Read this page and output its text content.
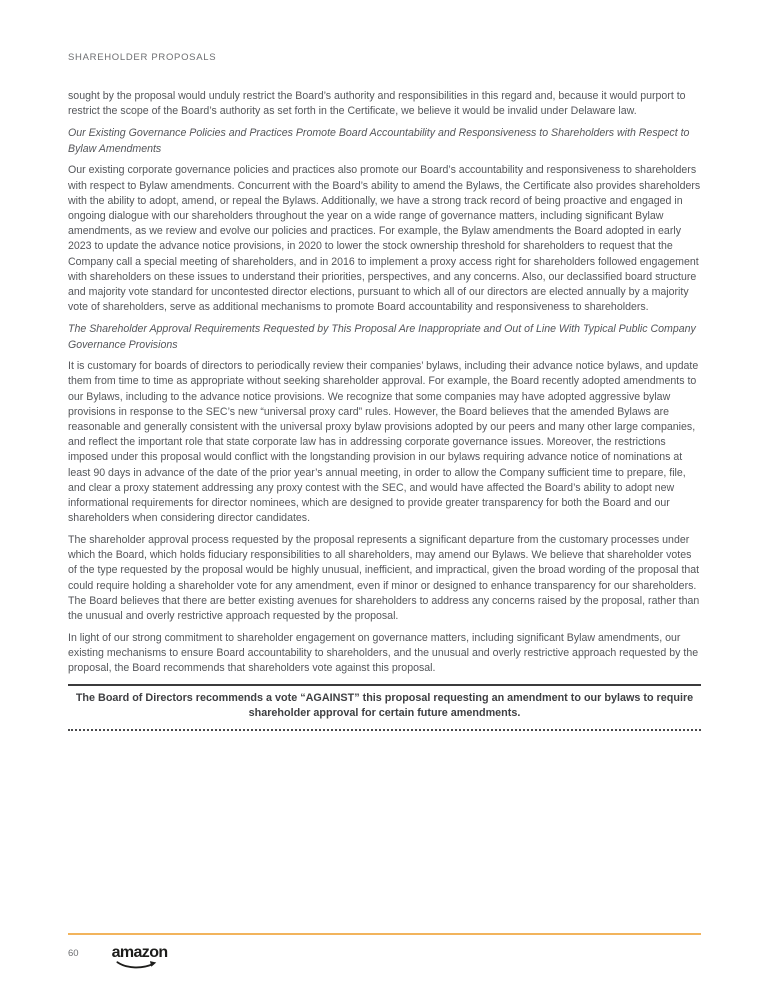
SHAREHOLDER PROPOSALS

sought by the proposal would unduly restrict the Board’s authority and responsibilities in this regard and, because it would purport to restrict the scope of the Board’s authority as set forth in the Certificate, we believe it would be invalid under Delaware law.

Our Existing Governance Policies and Practices Promote Board Accountability and Responsiveness to Shareholders with Respect to Bylaw Amendments

Our existing corporate governance policies and practices also promote our Board’s accountability and responsiveness to shareholders with respect to Bylaw amendments. Concurrent with the Board’s ability to amend the Bylaws, the Certificate also provides shareholders with the ability to adopt, amend, or repeal the Bylaws. Additionally, we have a strong track record of being proactive and engaged in ongoing dialogue with our shareholders throughout the year on a wide range of governance matters, including significant Bylaw amendments, as we review and evolve our policies and practices. For example, the Bylaw amendments the Board adopted in early 2023 to update the advance notice provisions, in 2020 to lower the stock ownership threshold for shareholders to request that the Company call a special meeting of shareholders, and in 2016 to implement a proxy access right for shareholders followed engagement with shareholders on these issues to understand their priorities, perspectives, and any concerns. Also, our declassified board structure and majority vote standard for uncontested director elections, pursuant to which all of our directors are elected annually by a majority vote of shareholders, serve as additional mechanisms to promote Board accountability and responsiveness to shareholders.

The Shareholder Approval Requirements Requested by This Proposal Are Inappropriate and Out of Line With Typical Public Company Governance Provisions

It is customary for boards of directors to periodically review their companies’ bylaws, including their advance notice bylaws, and update them from time to time as appropriate without seeking shareholder approval. For example, the Board recently adopted amendments to our Bylaws, including to the advance notice provisions. We recognize that some companies may have adopted aggressive bylaw provisions in response to the SEC’s new “universal proxy card” rules. However, the Board believes that the amended Bylaws are reasonable and generally consistent with the universal proxy bylaw provisions adopted by our peers and many other large companies, and reflect the important role that state corporate law has in addressing corporate governance issues. Moreover, the restrictions imposed under this proposal would conflict with the longstanding provision in our bylaws requiring advance notice of nominations at least 90 days in advance of the date of the prior year’s annual meeting, in order to allow the Company sufficient time to prepare, file, and clear a proxy statement addressing any proxy contest with the SEC, and would have affected the Board’s ability to adopt new informational requirements for director nominees, which are designed to provide greater transparency for both the Board and our shareholders when considering director candidates.

The shareholder approval process requested by the proposal represents a significant departure from the customary processes under which the Board, which holds fiduciary responsibilities to all shareholders, may amend our Bylaws. We believe that shareholder votes of the type requested by the proposal would be highly unusual, inefficient, and impractical, given the broad wording of the proposal that could require holding a shareholder vote for any amendment, even if minor or designed to enhance transparency for our shareholders. The Board believes that there are better existing avenues for shareholders to address any concerns raised by the proposal, rather than the unusual and overly restrictive approach requested by the proposal.

In light of our strong commitment to shareholder engagement on governance matters, including significant Bylaw amendments, our existing mechanisms to ensure Board accountability to shareholders, and the unusual and overly restrictive approach requested by the proposal, the Board recommends that shareholders vote against this proposal.

The Board of Directors recommends a vote “AGAINST” this proposal requesting an amendment to our bylaws to require shareholder approval for certain future amendments.

60 amazon
